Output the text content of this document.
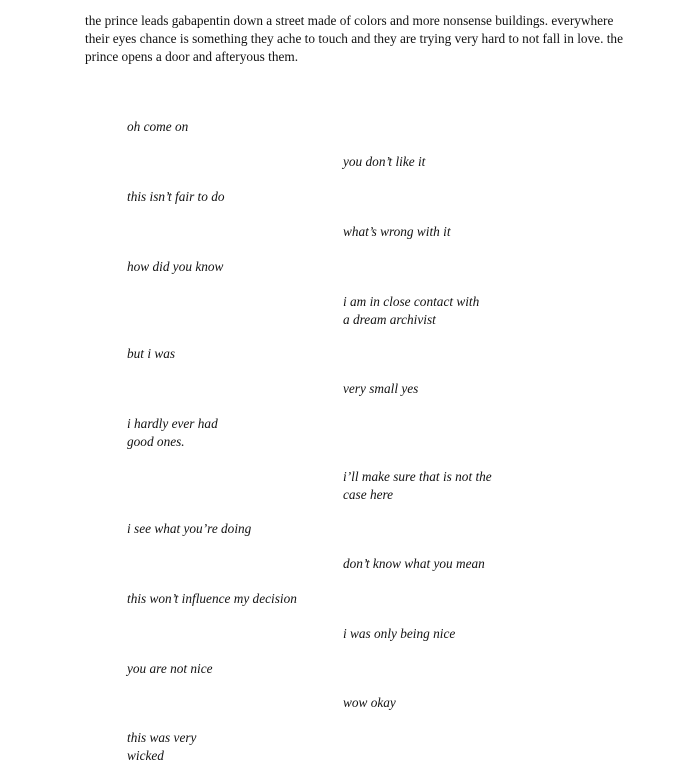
the prince leads gabapentin down a street made of colors and more nonsense buildings. everywhere their eyes chance is something they ache to touch and they are trying very hard to not fall in love. the prince opens a door and afteryous them.

oh come on
you don’t like it
this isn’t fair to do
what’s wrong with it
how did you know
i am in close contact with
a dream archivist
but i was
very small yes
i hardly ever had
good ones.
i’ll make sure that is not the
case here
i see what you’re doing
don’t know what you mean
this won’t influence my decision
i was only being nice
you are not nice
wow okay
this was very
wicked
